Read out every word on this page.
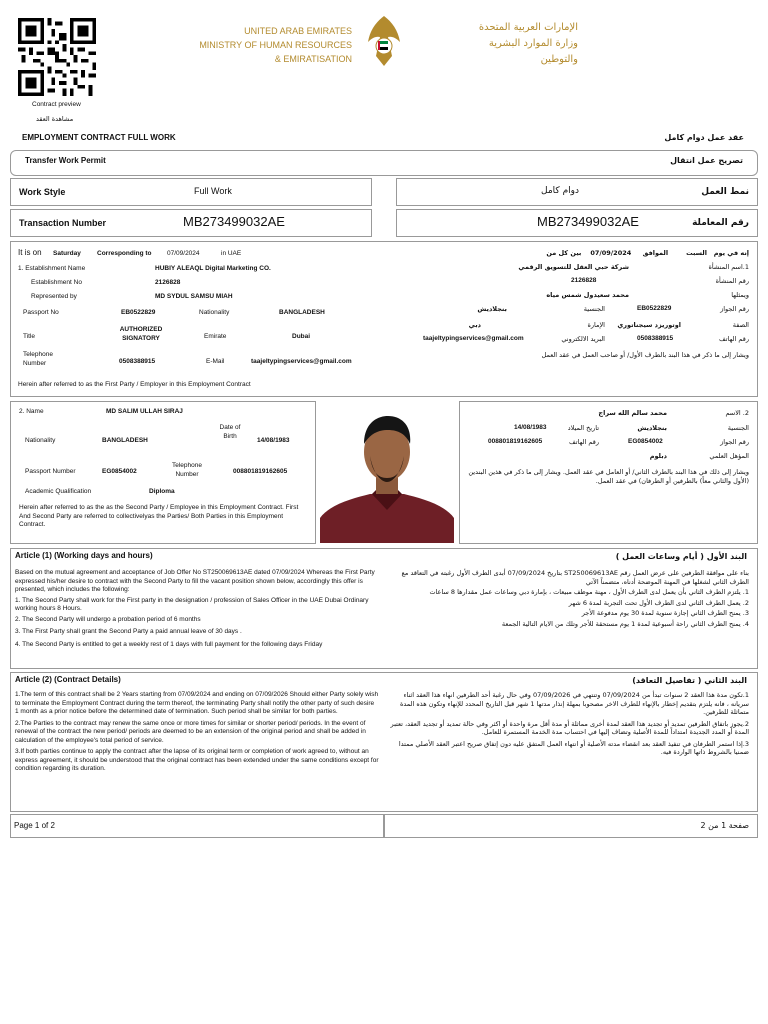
Contract preview
مشاهدة العقد
UNITED ARAB EMIRATES
MINISTRY OF HUMAN RESOURCES
& EMIRATISATION
الإمارات العربية المتحدة
وزارة الموارد البشرية
والتوطين
EMPLOYMENT CONTRACT FULL WORK	عقد عمل دوام كامل
Transfer Work Permit	تصريح عمل انتقال
Work Style	Full Work	دوام كامل	نمط العمل
Transaction Number	MB273499032AE	MB273499032AE	رقم المعاملة
It is on Saturday Corresponding to 07/09/2024	in UAE
1. Establishment Name	HUBIY ALEAQL Digital Marketing CO.
Establishment No	2126828
Represented by	MD SYDUL SAMSU MIAH
Passport No	EB0522829	Nationality	BANGLADESH
Title
AUTHORIZED SIGNATORY	Emirate	Dubai
Telephone Number	0508388915	E-Mail	taajeltypingservices@gmail.com
Herein after referred to as the First Party / Employer in this Employment Contract
إنه في يوم   السبت        الموافق     07/09/2024    بين كل من
1.اسم المنشأة
شركة حبي العقل للتسويق الرقمي
رقم المنشأة
2126828
ويمثلها
محمد سعيدول شمس مياه
رقم الجواز
EB0522829
الجنسية
بنجلاديش
الصفة
اوتوريزد سيجناتوري
الإمارة
دبي
رقم الهاتف
0508388915
البريد الالكتروني
taajeltypingservices@gmail.com
ويشار إلى ما ذكر في هذا البند بالطرف الأول/ أو صاحب العمل في عقد العمل
2. Name	MD SALIM ULLAH SIRAJ
Date of Birth
14/08/1983
Nationality	BANGLADESH
Passport Number	EG0854002
Telephone Number	008801819162605
Academic Qualification	Diploma
Herein after referred to as the as the Second Party / Employee in this Employment Contract. First And Second Party are referred to collectivelyas the Parties/ Both Parties in this Employment Contract.
2. الاسم
محمد سالم الله سراج
الجنسية
بنجلاديش
تاريخ الميلاد
14/08/1983
رقم الجواز
EG0854002
رقم الهاتف
008801819162605
المؤهل العلمي
دبلوم
ويشار إلى ذلك في هذا البند بالطرف الثاني/ أو العامل في عقد العمل. ويشار إلى ما ذكر في هذين البندين (الأول والثاني معاً) بالطرفين أو الطرفان) في عقد العمل.
Article (1) (Working days and hours)	البند الأول ( أيام وساعات العمل )

Based on the mutual agreement and acceptance of Job Offer No ST250069613AE dated 07/09/2024 Whereas the First Party expressed his/her desire to contract with the Second Party to fill the vacant position shown below, accordingly this offer is presented, which includes the following:

1. The Second Party shall work for the First party in the designation / profession of Sales Officer in the UAE Dubai Ordinary working hours 8 Hours.

2. The Second Party will undergo a probation period of 6 months

3. The First Party shall grant the Second Party a paid annual leave of 30 days .

4. The Second Party is entitled to get a weekly rest of 1 days with full payment for the following days Friday

بناء على موافقة الطرفين على عرض العمل رقم ST250069613AE بتاريخ 07/09/2024 أبدى الطرف الأول رغبته في التعاقد مع الطرف الثاني لشغلها في المهنة الموضحة أدناه، متضمناً الآتي

1. يلتزم الطرف الثاني بأن يعمل لدى الطرف الأول ، مهنة موظف مبيعات ، بإمارة دبي وساعات عمل مقدارها 8 ساعات

2. يعمل الطرف الثاني لدى الطرف الأول تحت التجربة لمدة 6 شهر

3. يمنح الطرف الثاني إجازة سنوية لمدة 30 يوم مدفوعة الأجر

4. يمنح الطرف الثاني راحة أسبوعية لمدة 1 يوم مستحقة للأجر وتلك من الايام التالية الجمعة

Article (2) (Contract Details)	البند الثاني ( تفاصيل التعاقد)

1.The term of this contract shall be 2 Years starting from 07/09/2024 and ending on 07/09/2026 Should either Party solely wish to terminate the Employment Contract during the term thereof, the terminating Party shall notify the other party of such desire 1 month as a prior notice before the determined date of termination. Such period shall be similar for both parties.

2.The Parties to the contract may renew the same once or more times for similar or shorter period/ periods. In the event of renewal of the contract the new period/ periods are deemed to be an extension of the original period and shall be added in calculation of the employee's total period of service.

3.If both parties continue to apply the contract after the lapse of its original term or completion of work agreed to, without an express agreement, it should be understood that the original contract has been extended under the same conditions except for condition regarding its duration.

1.تكون مدة هذا العقد 2 سنوات تبدأ من 07/09/2024 وتنتهي في 07/09/2026 وفي حال رغبة أحد الطرفين انهاء هذا العقد اثناء سريانه ، فانه يلتزم بتقديم إخطار بالإنهاء للطرف الاخر مصحوبا بمهلة إنذار مدتها 1 شهر قبل التاريخ المحدد للإنهاء وتكون هذه المدة متماثلة للطرفين.

2.يجوز باتفاق الطرفين تمديد أو تجديد هذا العقد لمدة أخرى مماثلة أو مدة أقل مرة واحدة أو اكثر وفي حالة تمديد أو تجديد العقد، تعتبر المدة أو المدد الجديدة امتداداً للمدة الأصلية وتضاف إليها في احتساب مدة الخدمة المستمرة للعامل.

3.إذا استمر الطرفان في تنفيذ العقد بعد انقضاء مدته الأصلية أو انتهاء العمل المتفق عليه دون إتفاق صريح اعتبر العقد الأصلي ممتدا ضمنيا بالشروط ذاتها الواردة فيه.

Page 1 of 2	صفحة 1 من 2
